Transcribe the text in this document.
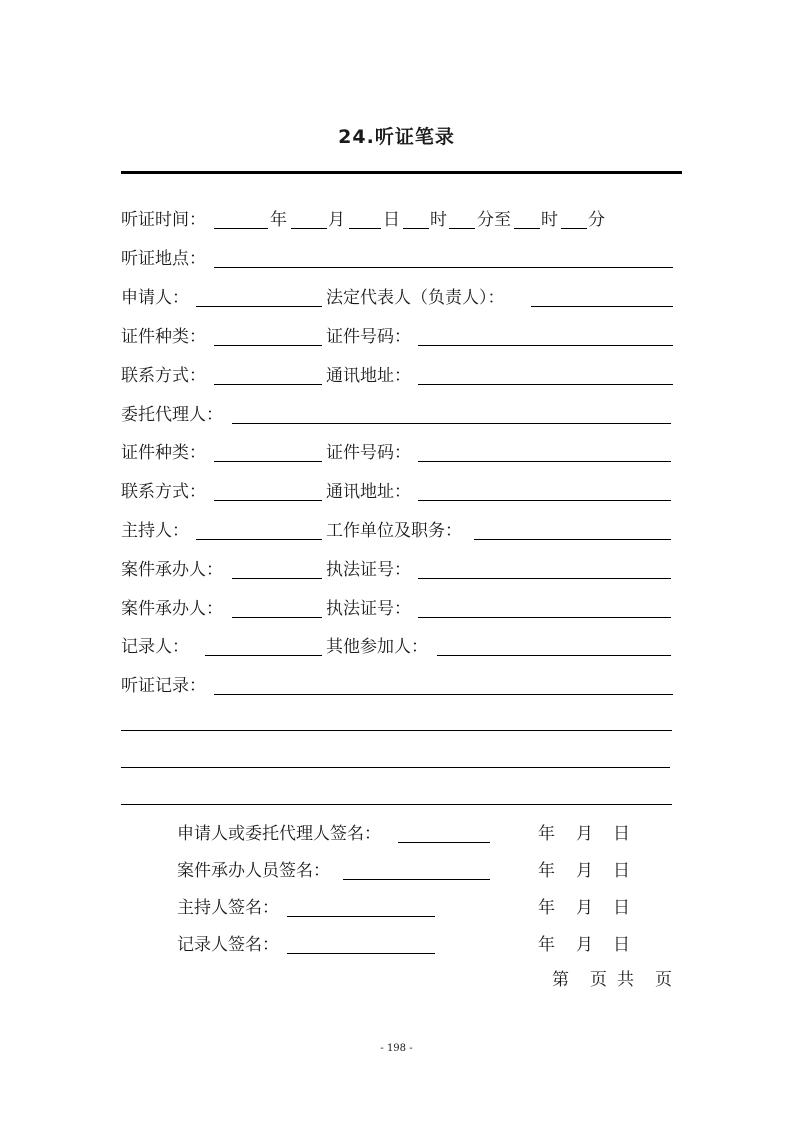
24.听证笔录
听证时间：	年 月 日 时 分至 时 分
听证地点：
申请人：	法定代表人（负责人）：
证件种类：	证件号码：
联系方式：	通讯地址：
委托代理人：
证件种类：	证件号码：
联系方式：	通讯地址：
主持人：	工作单位及职务：
案件承办人：	执法证号：
案件承办人：	执法证号：
记录人：	其他参加人：
听证记录：
申请人或委托代理人签名：	年 月 日
案件承办人员签名：	年 月 日
主持人签名：	年 月 日
记录人签名：	年 月 日
第 页 共 页
- 198 -
